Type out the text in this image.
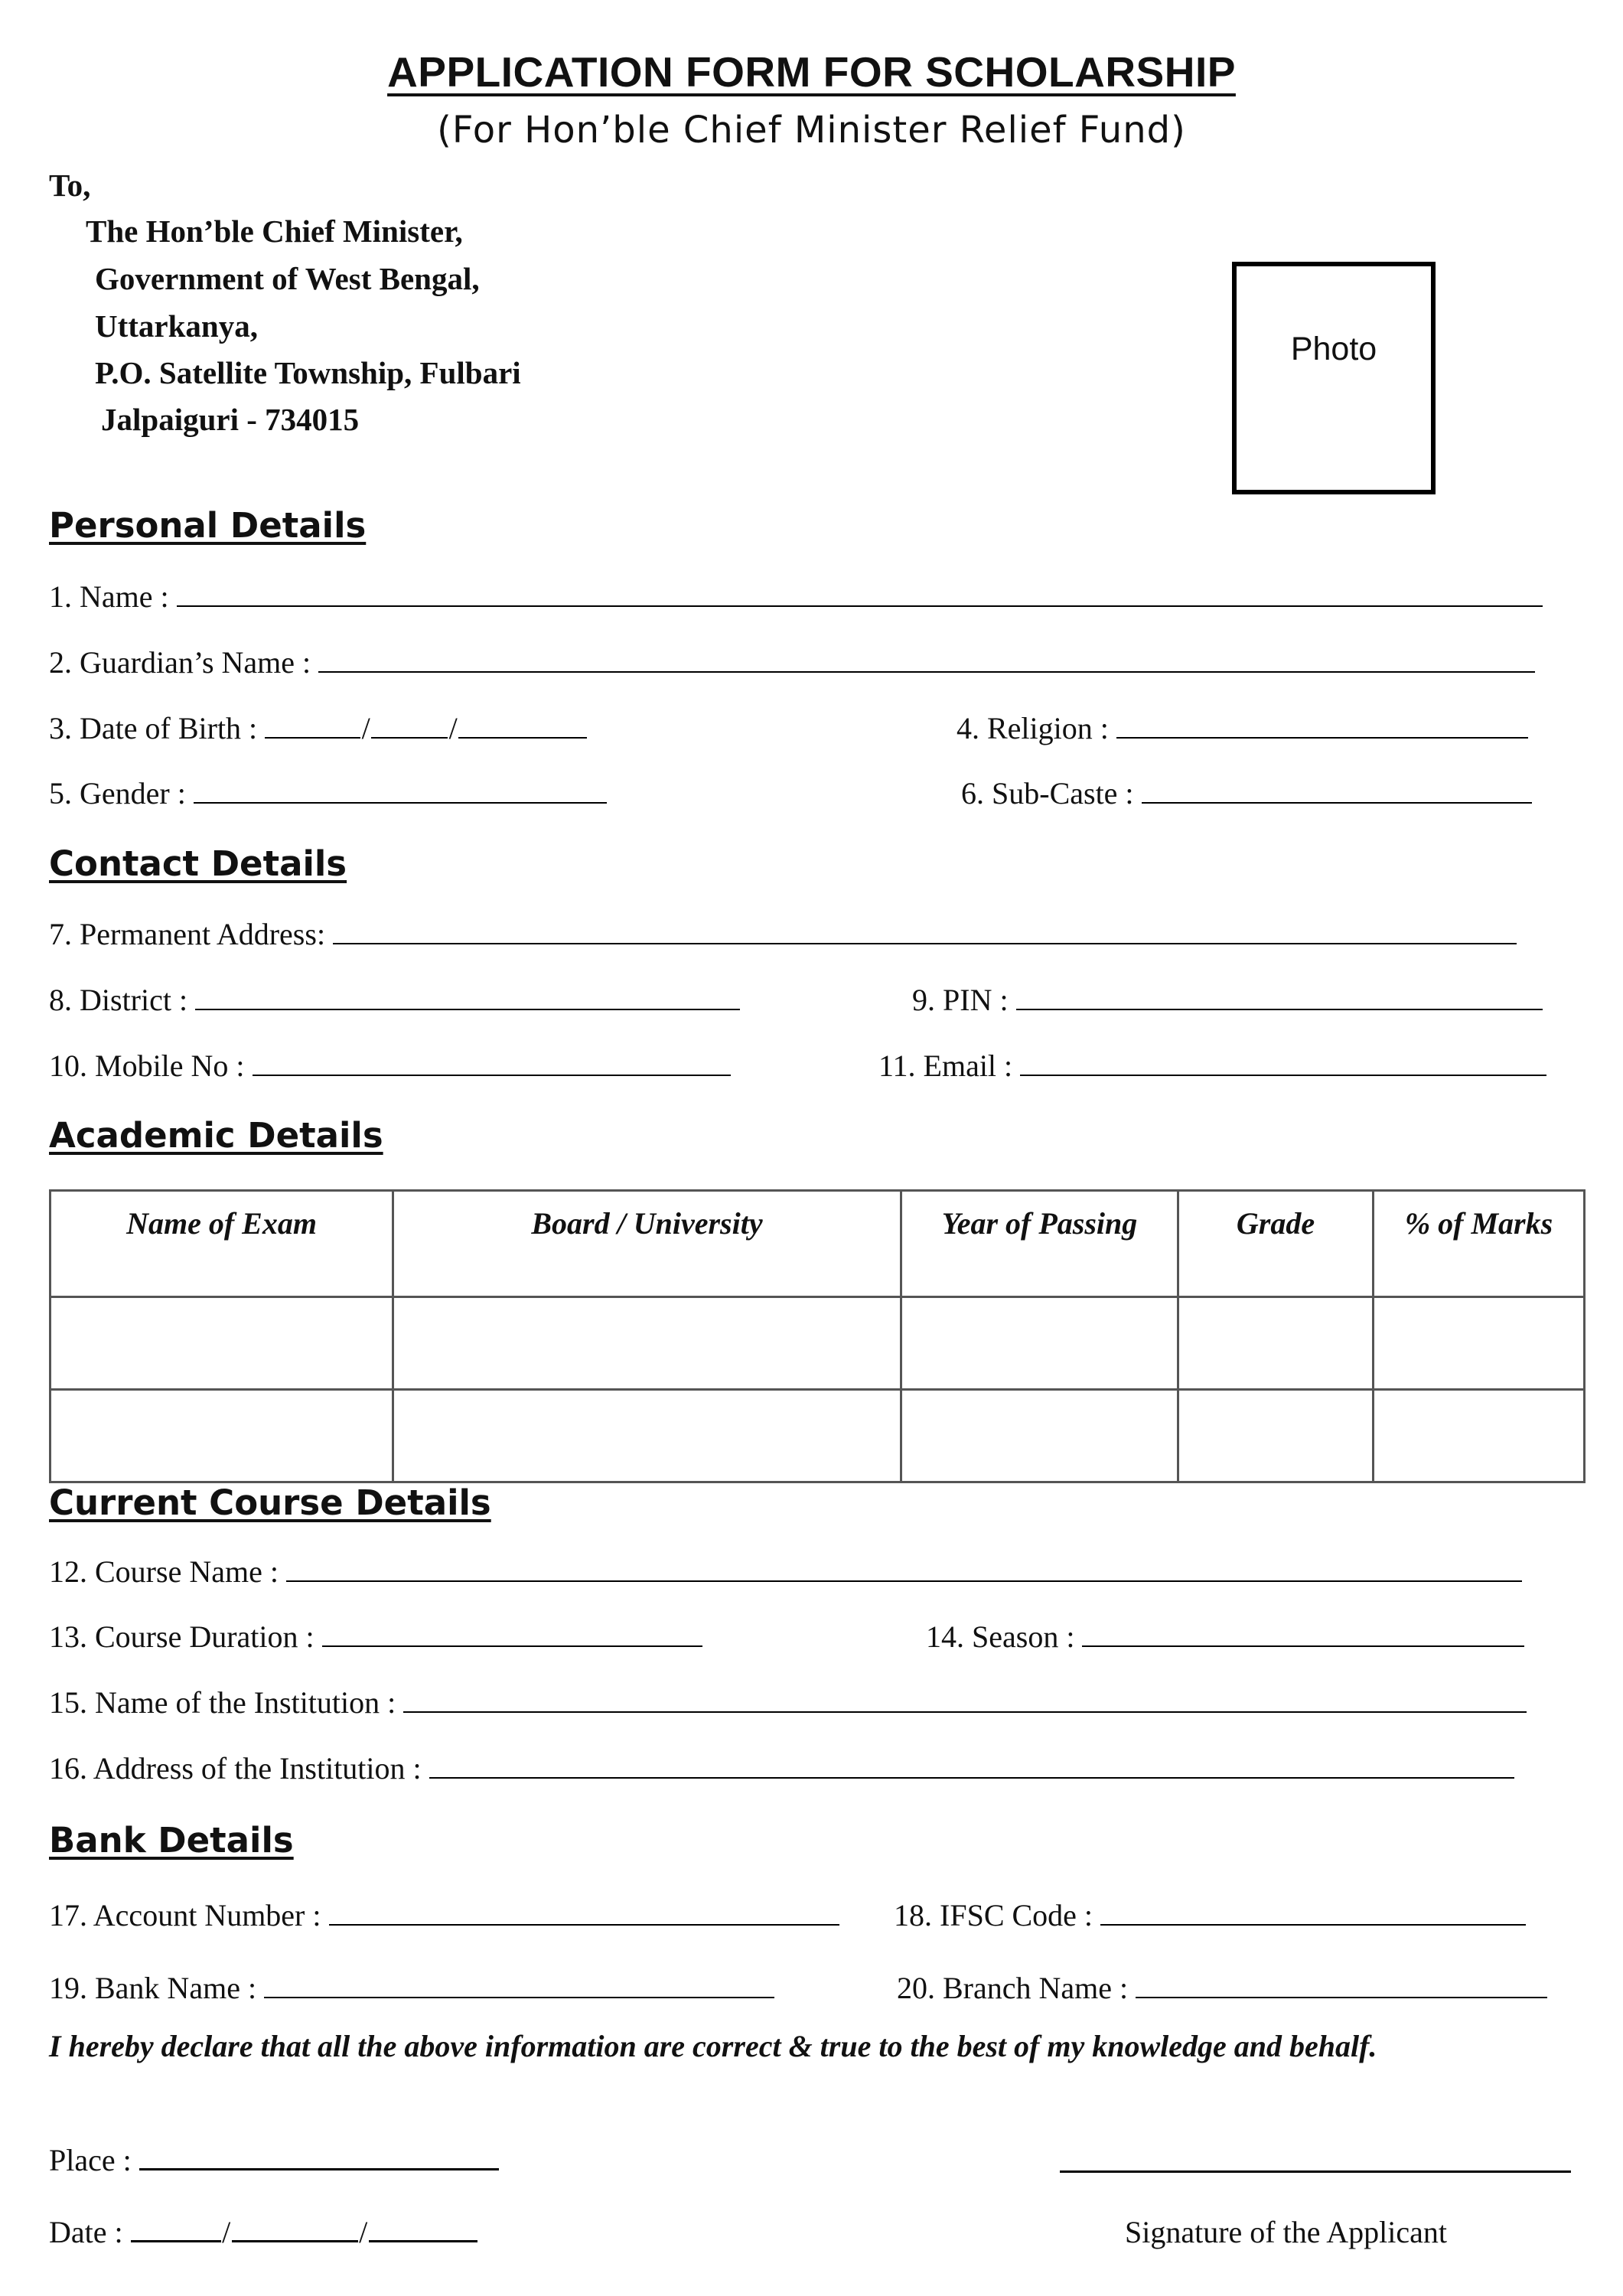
APPLICATION FORM FOR SCHOLARSHIP
(For Hon’ble Chief Minister Relief Fund)
To,
The Hon’ble Chief Minister,
Government of West Bengal,
Uttarkanya,
P.O. Satellite Township, Fulbari
Jalpaiguri - 734015
Photo
Personal Details
1. Name :
2. Guardian’s Name :
3. Date of Birth :	/	/	4. Religion :
5. Gender :	6. Sub-Caste :
Contact Details
7. Permanent Address:
8. District :	9. PIN :
10. Mobile No :	11. Email :
Academic Details
Name of Exam	Board / University	Year of Passing	Grade	% of Marks

Current Course Details
12. Course Name :
13. Course Duration :	14. Season :
15. Name of the Institution :
16. Address of the Institution :
Bank Details
17. Account Number :	18. IFSC Code :
19. Bank Name :	20. Branch Name :
I hereby declare that all the above information are correct & true to the best of my knowledge and behalf.
Place :
Date :	/	/	Signature of the Applicant
